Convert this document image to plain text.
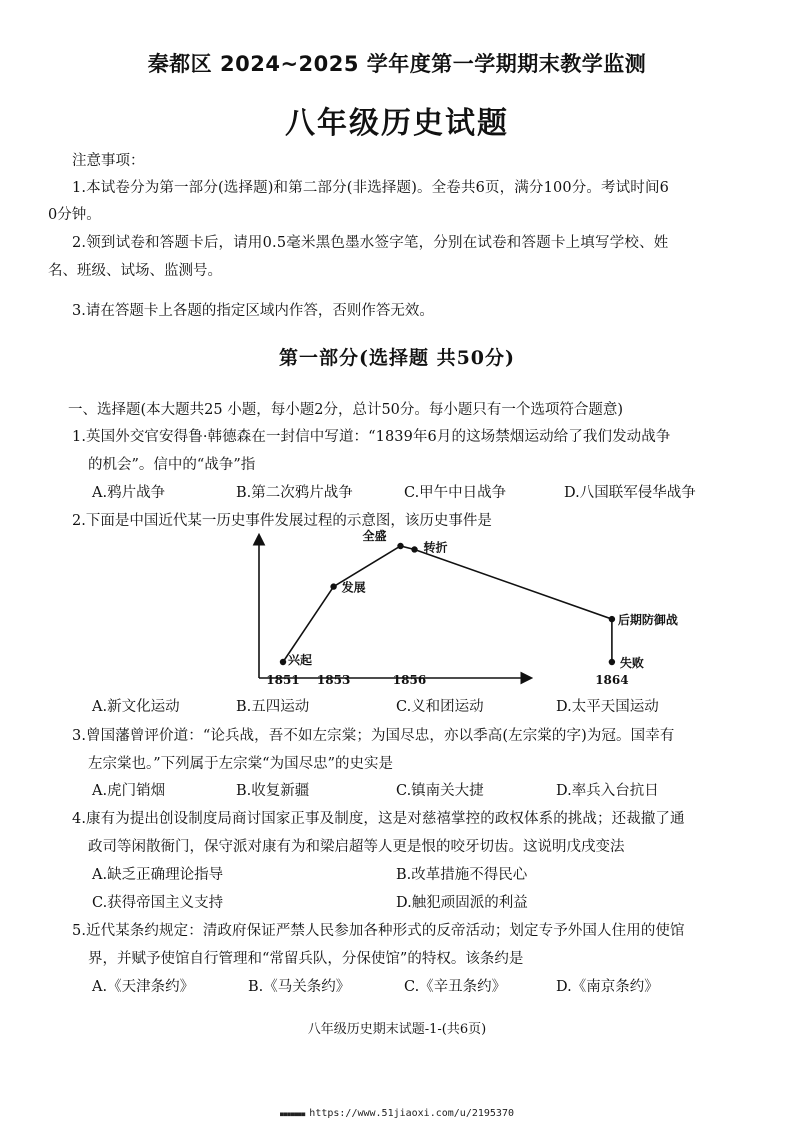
秦都区 2024~2025 学年度第一学期期末教学监测
八年级历史试题
注意事项：
1.本试卷分为第一部分(选择题)和第二部分(非选择题)。全卷共6页，满分100分。考试时间6
0分钟。
2.领到试卷和答题卡后，请用0.5毫米黑色墨水签字笔，分别在试卷和答题卡上填写学校、姓
名、班级、试场、监测号。
3.请在答题卡上各题的指定区域内作答，否则作答无效。
第一部分(选择题 共50分)
一、选择题(本大题共25 小题，每小题2分，总计50分。每小题只有一个选项符合题意)
1.英国外交官安得鲁·韩德森在一封信中写道：“1839年6月的这场禁烟运动给了我们发动战争
的机会”。信中的“战争”指
A.鸦片战争	B.第二次鸦片战争	C.甲午中日战争	D.八国联军侵华战争
2.下面是中国近代某一历史事件发展过程的示意图，该历史事件是
兴起
发展
全盛
转折
后期防御战
失败
1851 1853	1856	1864
A.新文化运动	B.五四运动	C.义和团运动	D.太平天国运动
3.曾国藩曾评价道：“论兵战，吾不如左宗棠；为国尽忠，亦以季高(左宗棠的字)为冠。国幸有
左宗棠也。”下列属于左宗棠“为国尽忠”的史实是
A.虎门销烟	B.收复新疆	C.镇南关大捷	D.率兵入台抗日
4.康有为提出创设制度局商讨国家正事及制度，这是对慈禧掌控的政权体系的挑战；还裁撤了通
政司等闲散衙门，保守派对康有为和梁启超等人更是恨的咬牙切齿。这说明戊戌变法
A.缺乏正确理论指导	B.改革措施不得民心
C.获得帝国主义支持	D.触犯顽固派的利益
5.近代某条约规定：清政府保证严禁人民参加各种形式的反帝活动；划定专予外国人住用的使馆
界，并赋予使馆自行管理和“常留兵队，分保使馆”的特权。该条约是
A.《天津条约》	B.《马关条约》	C.《辛丑条约》	D.《南京条约》
八年级历史期末试题-1-(共6页)
■■■■■■■ https://www.51jiaoxi.com/u/2195370
